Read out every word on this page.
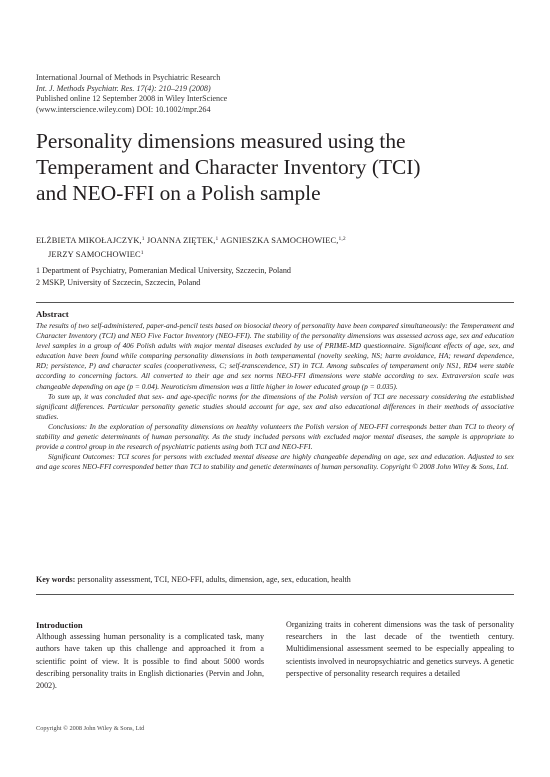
International Journal of Methods in Psychiatric Research
Int. J. Methods Psychiatr. Res. 17(4): 210–219 (2008)
Published online 12 September 2008 in Wiley InterScience
(www.interscience.wiley.com) DOI: 10.1002/mpr.264
Personality dimensions measured using the
Temperament and Character Inventory (TCI)
and NEO-FFI on a Polish sample
ELŻBIETA MIKOŁAJCZYK,$^1$ JOANNA ZIĘTEK,$^1$ AGNIESZKA SAMOCHOWIEC,$^{1,2}$
JERZY SAMOCHOWIEC$^1$
1 Department of Psychiatry, Pomeranian Medical University, Szczecin, Poland
2 MSKP, University of Szczecin, Szczecin, Poland
Abstract

The results of two self-administered, paper-and-pencil tests based on biosocial theory of personality have been compared simultaneously: the Temperament and Character Inventory (TCI) and NEO Five Factor Inventory (NEO-FFI). The stability of the personality dimensions was assessed across age, sex and education level samples in a group of 406 Polish adults with major mental diseases excluded by use of PRIME-MD questionnaire. Significant effects of age, sex, and education have been found while comparing personality dimensions in both temperamental (novelty seeking, NS; harm avoidance, HA; reward dependence, RD; persistence, P) and character scales (cooperativeness, C; self-transcendence, ST) in TCI. Among subscales of temperament only NS1, RD4 were stable according to concerning factors. All converted to their age and sex norms NEO-FFI dimensions were stable according to sex. Extraversion scale was changeable depending on age (p = 0.04). Neuroticism dimension was a little higher in lower educated group (p = 0.035).

To sum up, it was concluded that sex- and age-specific norms for the dimensions of the Polish version of TCI are necessary considering the established significant differences. Particular personality genetic studies should account for age, sex and also educational differences in their methods of associative studies.

Conclusions: In the exploration of personality dimensions on healthy volunteers the Polish version of NEO-FFI corresponds better than TCI to theory of stability and genetic determinants of human personality. As the study included persons with excluded major mental diseases, the sample is appropriate to provide a control group in the research of psychiatric patients using both TCI and NEO-FFI.

Significant Outcomes: TCI scores for persons with excluded mental disease are highly changeable depending on age, sex and education. Adjusted to sex and age scores NEO-FFI corresponded better than TCI to stability and genetic determinants of human personality. Copyright © 2008 John Wiley & Sons, Ltd.

Key words: personality assessment, TCI, NEO-FFI, adults, dimension, age, sex, education, health
Introduction

Although assessing human personality is a complicated task, many authors have taken up this challenge and approached it from a scientific point of view. It is possible to find about 5000 words describing personality traits in English dictionaries (Pervin and John, 2002).

Organizing traits in coherent dimensions was the task of personality researchers in the last decade of the twentieth century. Multidimensional assessment seemed to be especially appealing to scientists involved in neuropsychiatric and genetics surveys. A genetic perspective of personality research requires a detailed

Copyright © 2008 John Wiley & Sons, Ltd
